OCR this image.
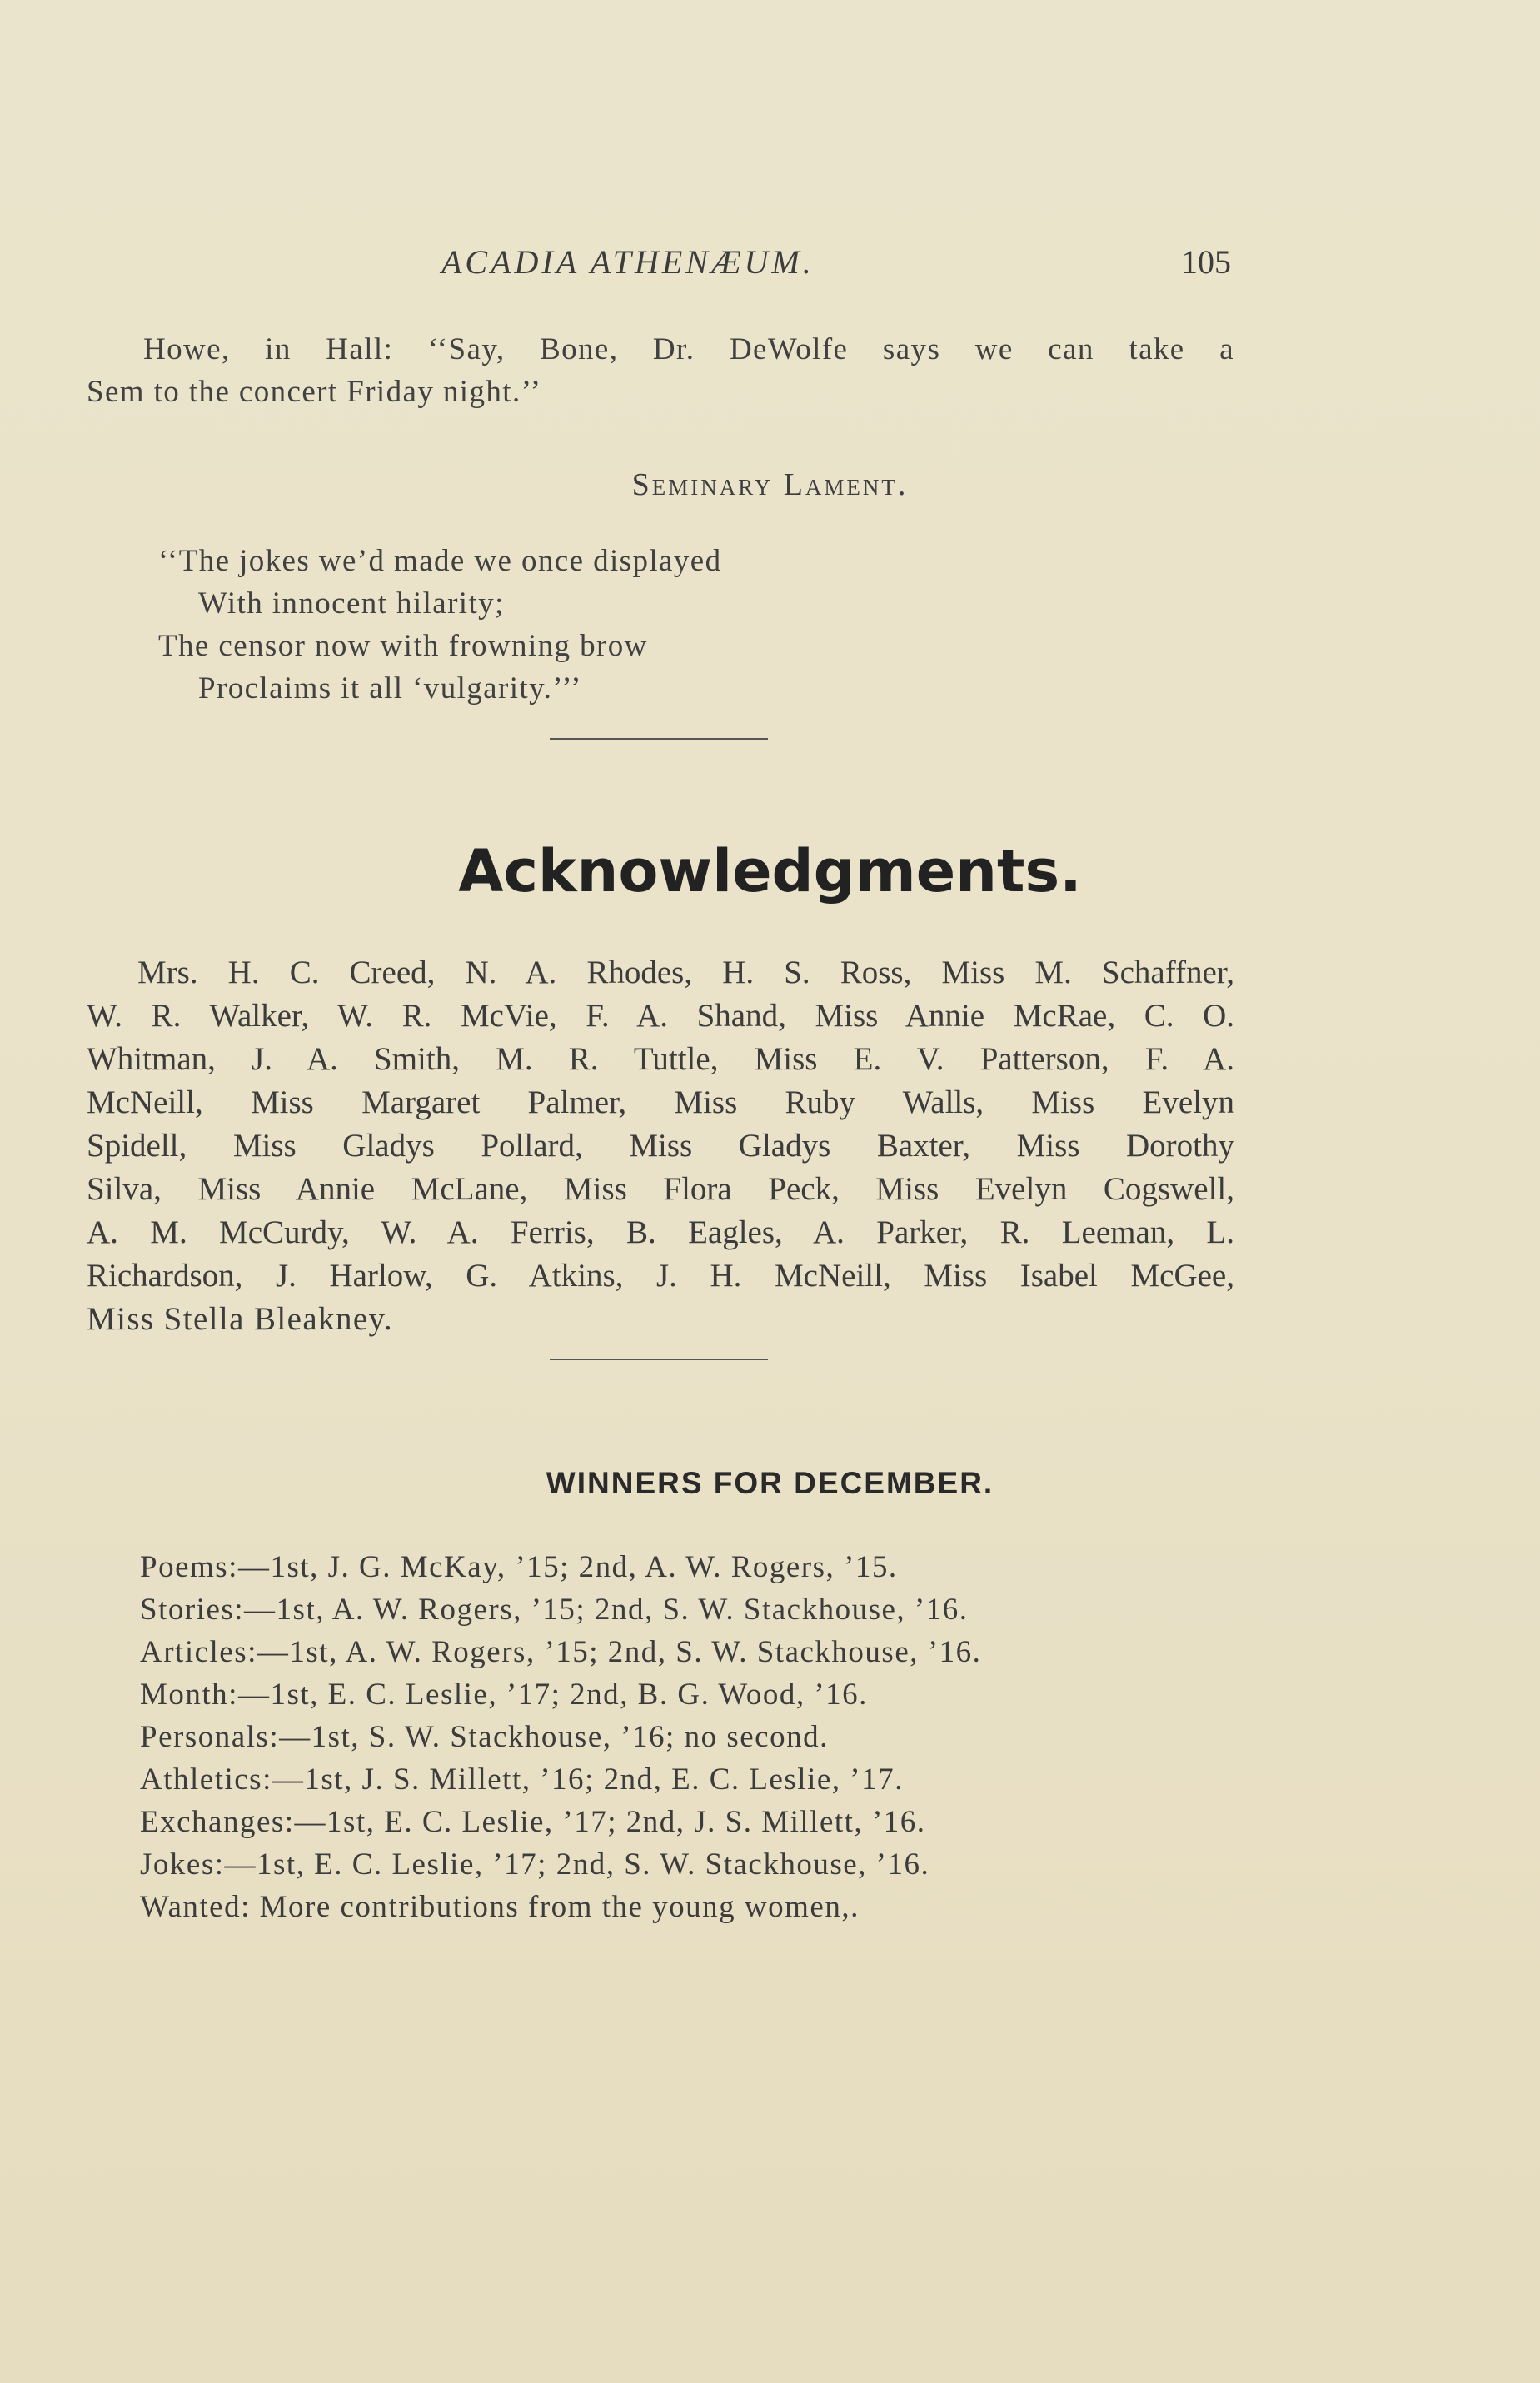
ACADIA ATHENÆUM.	105
Howe, in Hall: ‘‘Say, Bone, Dr. DeWolfe says we can take a
Sem to the concert Friday night.’’
Seminary Lament.
‘‘The jokes we’d made we once displayed
With innocent hilarity;
The censor now with frowning brow
Proclaims it all ‘vulgarity.’’’
Acknowledgments.
Mrs. H. C. Creed, N. A. Rhodes, H. S. Ross, Miss M. Schaffner,
W. R. Walker, W. R. McVie, F. A. Shand, Miss Annie McRae, C. O.
Whitman, J. A. Smith, M. R. Tuttle, Miss E. V. Patterson, F. A.
McNeill, Miss Margaret Palmer, Miss Ruby Walls, Miss Evelyn
Spidell, Miss Gladys Pollard, Miss Gladys Baxter, Miss Dorothy
Silva, Miss Annie McLane, Miss Flora Peck, Miss Evelyn Cogswell,
A. M. McCurdy, W. A. Ferris, B. Eagles, A. Parker, R. Leeman, L.
Richardson, J. Harlow, G. Atkins, J. H. McNeill, Miss Isabel McGee,
Miss Stella Bleakney.
WINNERS FOR DECEMBER.
Poems:—1st, J. G. McKay, ’15; 2nd, A. W. Rogers, ’15.
Stories:—1st, A. W. Rogers, ’15; 2nd, S. W. Stackhouse, ’16.
Articles:—1st, A. W. Rogers, ’15; 2nd, S. W. Stackhouse, ’16.
Month:—1st, E. C. Leslie, ’17; 2nd, B. G. Wood, ’16.
Personals:—1st, S. W. Stackhouse, ’16; no second.
Athletics:—1st, J. S. Millett, ’16; 2nd, E. C. Leslie, ’17.
Exchanges:—1st, E. C. Leslie, ’17; 2nd, J. S. Millett, ’16.
Jokes:—1st, E. C. Leslie, ’17; 2nd, S. W. Stackhouse, ’16.
Wanted: More contributions from the young women,.
